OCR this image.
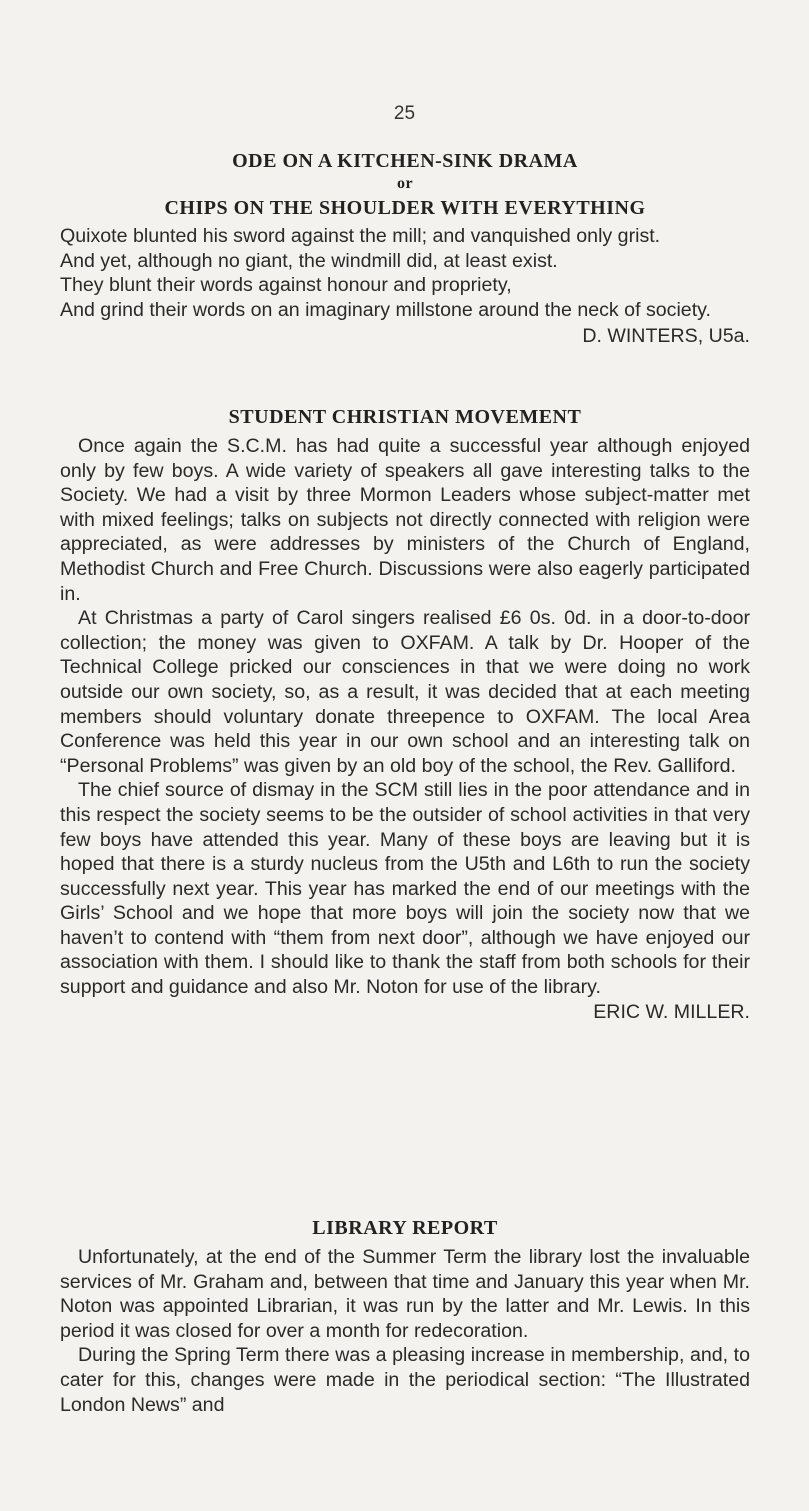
25
ODE ON A KITCHEN-SINK DRAMA
or
CHIPS ON THE SHOULDER WITH EVERYTHING

Quixote blunted his sword against the mill; and vanquished only grist.

And yet, although no giant, the windmill did, at least exist.

They blunt their words against honour and propriety,

And grind their words on an imaginary millstone around the neck of society.

D. WINTERS, U5a.

STUDENT CHRISTIAN MOVEMENT

Once again the S.C.M. has had quite a successful year although enjoyed only by few boys. A wide variety of speakers all gave interesting talks to the Society. We had a visit by three Mormon Leaders whose subject-matter met with mixed feelings; talks on subjects not directly connected with religion were appreciated, as were addresses by ministers of the Church of England, Methodist Church and Free Church. Discussions were also eagerly participated in.

At Christmas a party of Carol singers realised £6 0s. 0d. in a door-to-door collection; the money was given to OXFAM. A talk by Dr. Hooper of the Technical College pricked our consciences in that we were doing no work outside our own society, so, as a result, it was decided that at each meeting members should voluntary donate threepence to OXFAM. The local Area Conference was held this year in our own school and an interesting talk on “Personal Problems” was given by an old boy of the school, the Rev. Galliford.

The chief source of dismay in the SCM still lies in the poor attendance and in this respect the society seems to be the outsider of school activities in that very few boys have attended this year. Many of these boys are leaving but it is hoped that there is a sturdy nucleus from the U5th and L6th to run the society successfully next year. This year has marked the end of our meetings with the Girls’ School and we hope that more boys will join the society now that we haven’t to contend with “them from next door”, although we have enjoyed our association with them. I should like to thank the staff from both schools for their support and guidance and also Mr. Noton for use of the library.

ERIC W. MILLER.

LIBRARY REPORT

Unfortunately, at the end of the Summer Term the library lost the invaluable services of Mr. Graham and, between that time and January this year when Mr. Noton was appointed Librarian, it was run by the latter and Mr. Lewis. In this period it was closed for over a month for redecoration.

During the Spring Term there was a pleasing increase in membership, and, to cater for this, changes were made in the periodical section: “The Illustrated London News” and
